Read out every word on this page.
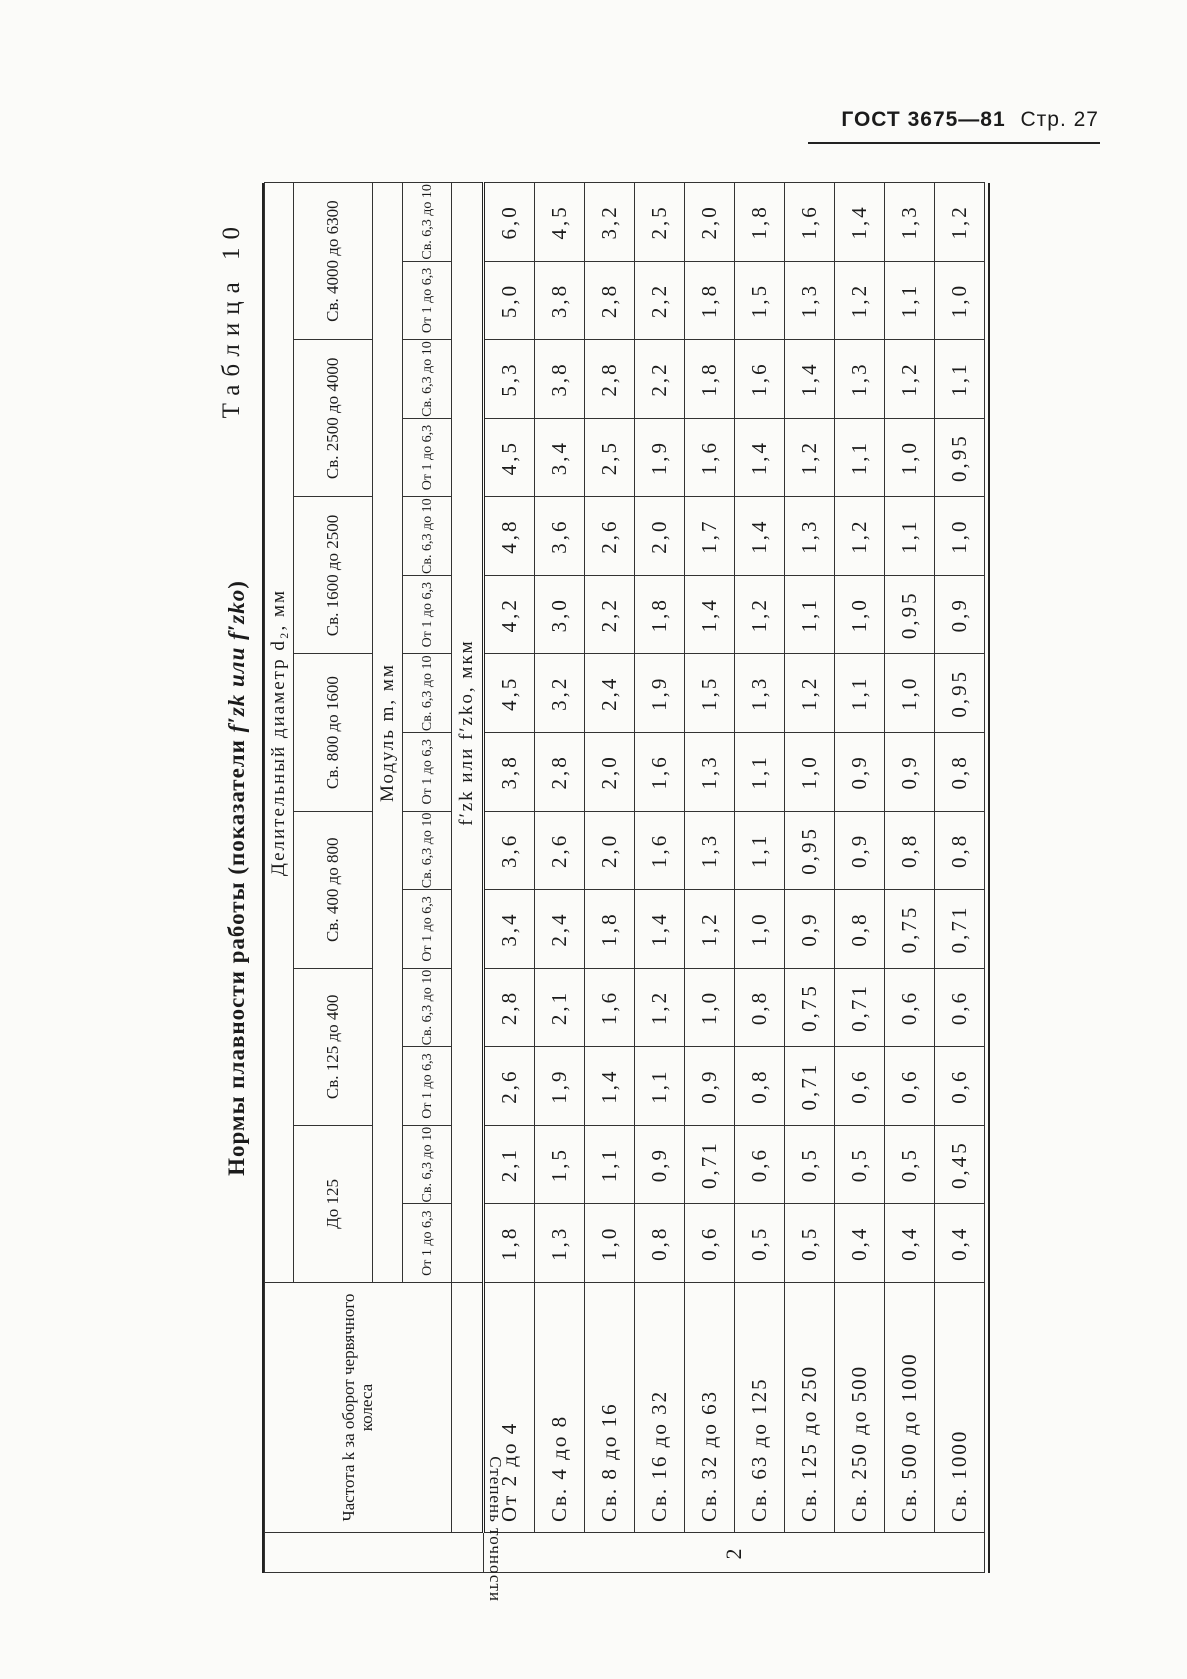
ГОСТ 3675—81 Стр. 27
Нормы плавности работы (показатели f′zk или f′zko)
Таблица 10
Степень точности	Частота k за оборот червячного колеса	Делительный диаметр d₂, мм													
		До 125		Св. 125 до 400		Св. 400 до 800		Св. 800 до 1600		Св. 1600 до 2500		Св. 2500 до 4000		Св. 4000 до 6300	
		Модуль m, мм													
		От 1 до 6,3	Св. 6,3 до 10	От 1 до 6,3	Св. 6,3 до 10	От 1 до 6,3	Св. 6,3 до 10	От 1 до 6,3	Св. 6,3 до 10	От 1 до 6,3	Св. 6,3 до 10	От 1 до 6,3	Св. 6,3 до 10	От 1 до 6,3	Св. 6,3 до 10
		f′zk или f′zko, мкм													
2	От 2 до 4	1,8	2,1	2,6	2,8	3,4	3,6	3,8	4,5	4,2	4,8	4,5	5,3	5,0	6,0
	Св. 4 до 8	1,3	1,5	1,9	2,1	2,4	2,6	2,8	3,2	3,0	3,6	3,4	3,8	3,8	4,5
	Св. 8 до 16	1,0	1,1	1,4	1,6	1,8	2,0	2,0	2,4	2,2	2,6	2,5	2,8	2,8	3,2
	Св. 16 до 32	0,8	0,9	1,1	1,2	1,4	1,6	1,6	1,9	1,8	2,0	1,9	2,2	2,2	2,5
	Св. 32 до 63	0,6	0,71	0,9	1,0	1,2	1,3	1,3	1,5	1,4	1,7	1,6	1,8	1,8	2,0
	Св. 63 до 125	0,5	0,6	0,8	0,8	1,0	1,1	1,1	1,3	1,2	1,4	1,4	1,6	1,5	1,8
	Св. 125 до 250	0,5	0,5	0,71	0,75	0,9	0,95	1,0	1,2	1,1	1,3	1,2	1,4	1,3	1,6
	Св. 250 до 500	0,4	0,5	0,6	0,71	0,8	0,9	0,9	1,1	1,0	1,2	1,1	1,3	1,2	1,4
	Св. 500 до 1000	0,4	0,5	0,6	0,6	0,75	0,8	0,9	1,0	0,95	1,1	1,0	1,2	1,1	1,3
	Св. 1000	0,4	0,45	0,6	0,6	0,71	0,8	0,8	0,95	0,9	1,0	0,95	1,1	1,0	1,2
